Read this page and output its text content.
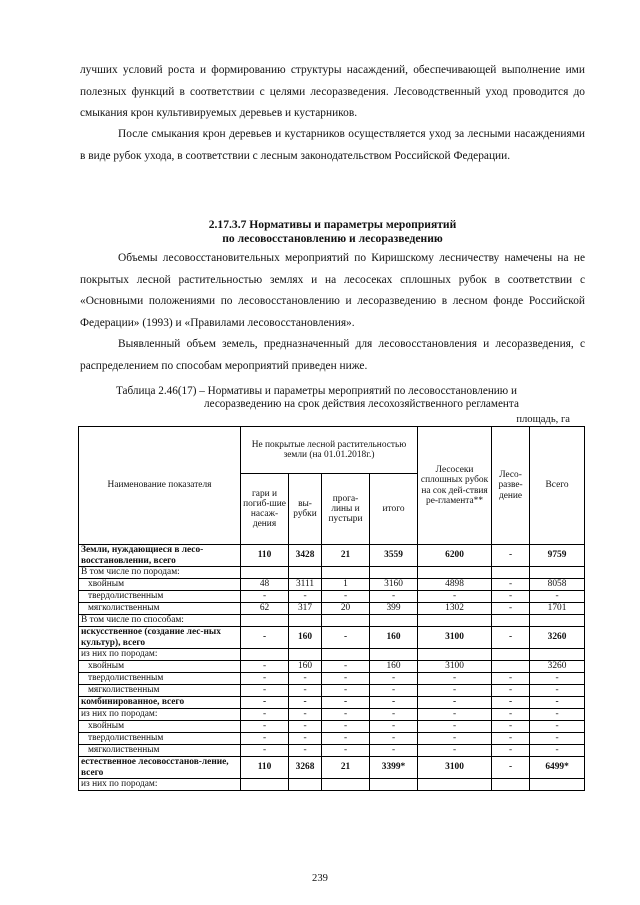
лучших условий роста и формированию структуры насаждений, обеспечивающей выполнение ими полезных функций в соответствии с целями лесоразведения. Лесоводственный уход проводится до смыкания крон культивируемых деревьев и кустарников.

После смыкания крон деревьев и кустарников осуществляется уход за лесными насаждениями в виде рубок ухода, в соответствии с лесным законодательством Российской Федерации.

2.17.3.7 Нормативы и параметры мероприятий
по лесовосстановлению и лесоразведению

Объемы лесовосстановительных мероприятий по Киришскому лесничеству намечены на не покрытых лесной растительностью землях и на лесосеках сплошных рубок в соответствии с «Основными положениями по лесовосстановлению и лесоразведению в лесном фонде Российской Федерации» (1993) и «Правилами лесовосстановления».

Выявленный объем земель, предназначенный для лесовосстановления и лесоразведения, с распределением по способам мероприятий приведен ниже.

Таблица 2.46(17) – Нормативы и параметры мероприятий по лесовосстановлению и
лесоразведению на срок действия лесохозяйственного регламента
площадь, га
Наименование показателя	Не покрытые лесной растительностью земли (на 01.01.2018г.)				Лесосеки сплошных рубок на сок дей-ствия ре-гламента**	Лесо-разве-дение	Всего
	гари и погиб-шие насаж-дения	вы-рубки	прога-лины и пустыри	итого			
Земли, нуждающиеся в лесо-восстановлении, всего	110	3428	21	3559	6200	-	9759
В том числе по породам:							
хвойным	48	3111	1	3160	4898	-	8058
твердолиственным	-	-	-	-	-	-	-
мягколиственным	62	317	20	399	1302	-	1701
В том числе по способам:							
искусственное (создание лес-ных культур), всего	-	160	-	160	3100	-	3260
из них по породам:							
хвойным	-	160	-	160	3100		3260
твердолиственным	-	-	-	-	-	-	-
мягколиственным	-	-	-	-	-	-	-
комбинированное, всего	-	-	-	-	-	-	-
из них по породам:	-	-	-	-	-	-	-
хвойным	-	-	-	-	-	-	-
твердолиственным	-	-	-	-	-	-	-
мягколиственным	-	-	-	-	-	-	-
естественное лесовосстанов-ление, всего	110	3268	21	3399*	3100	-	6499*
из них по породам:							
239
